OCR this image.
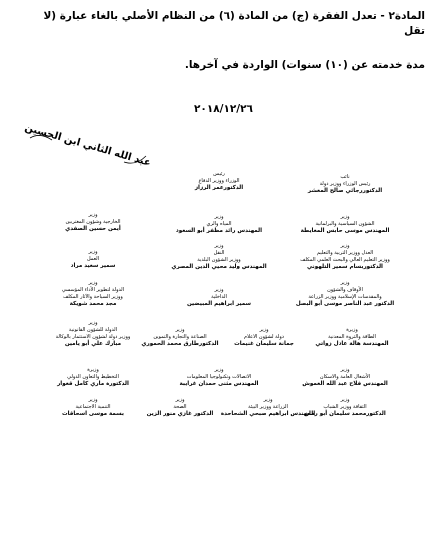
المادة٢ - تعدل الفقرة (ج) من المادة (٦) من النظام الأصلي بالغاء عبارة (لا تقل
مدة خدمته عن (١٠) سنوات) الواردة في آخرها.
٢٠١٨/١٢/٢٦
عبد الله الثاني ابن الحسين
رئيس
الوزراء ووزير الدفاع
الدكتورعمر الرزاز
نائب
رئيس الوزراء ووزير دولة
الدكتوررجائي صالح المعشر
وزير
الخارجية وشؤون المغتربين
أيمن حسين الصفدي
وزير
المياه والري
المهندس رائد مظفر أبو السعود
وزير
الشؤون السياسية والبرلمانية
المهندس موسى حابس المعايطة
وزير
العمل
سمير سعيد مراد
وزير
النقل
ووزير الشؤون البلدية
المهندس وليد محيي الدين المصري
وزير
العدل ووزير التربية والتعليم
ووزير التعليم العالي والبحث العلمي المكلف
الدكتوربسام سمير التلهوني
وزير
الدولة لتطوير الأداء المؤسسي
ووزير السياحة والآثار المكلف
مجد محمد شويكة
وزير
الداخلية
سمير ابراهيم المبيضين
وزير
الأوقاف والشؤون
والمقدسات الإسلامية ووزير الزراعة
الدكتور عبد الناصر موسى أبو البصل
وزير
الدولة للشؤون القانونية
ووزير دولة لشؤون الاستثمار بالوكالة
مبارك علي أبو يامين
وزير
الصناعة والتجارة والتموين
الدكتورطارق محمد الحموري
وزير
دولة لشؤون الاعلام
جمانة سليمان غنيمات
وزيرة
الطاقة والثروة المعدنية
المهندسة هالة عادل زواتي
وزيرة
التخطيط والتعاون الدولي
الدكتورة ماري كامل قعوار
وزير
الاتصالات وتكنولوجيا المعلومات
المهندس مثنى حمدان غرايبة
وزير
الأشغال العامة والاسكان
المهندس فلاح عبد الله العموش
وزير
الثقافة ووزير الشباب
الدكتورمحمد سليمان أبو رمان
وزير
الزراعة ووزير البيئة
المهندس ابراهيم صبحي الشحاحدة
وزير
الصحة
الدكتور غازي منور الزين
وزير
التنمية الاجتماعية
بسمة موسى اسحاقات
